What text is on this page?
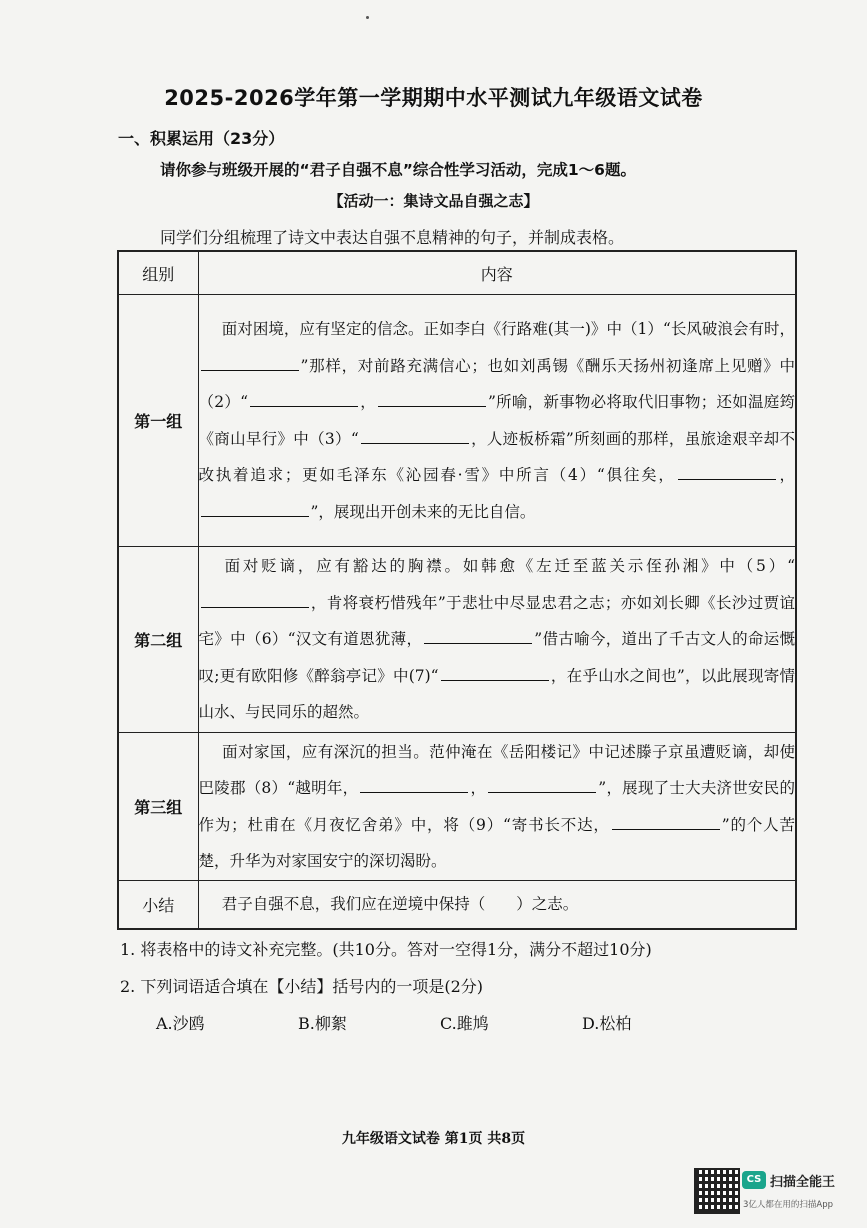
2025-2026学年第一学期期中水平测试九年级语文试卷
一、积累运用（23分）
请你参与班级开展的“君子自强不息”综合性学习活动，完成1～6题。
【活动一：集诗文品自强之志】
同学们分组梳理了诗文中表达自强不息精神的句子，并制成表格。
组别	内容
第一组	  面对困境，应有坚定的信念。正如李白《行路难(其一)》中（1）“长风破浪会有时，”那样，对前路充满信心；也如刘禹锡《酬乐天扬州初逢席上见赠》中（2）“ ， ”所喻，新事物必将取代旧事物；还如温庭筠《商山早行》中（3）“ ，人迹板桥霜”所刻画的那样，虽旅途艰辛却不改执着追求；更如毛泽东《沁园春·雪》中所言（4）“俱往矣， ，”，展现出开创未来的无比自信。
第二组	  面对贬谪，应有豁达的胸襟。如韩愈《左迁至蓝关示侄孙湘》中（5）“，肯将衰朽惜残年”于悲壮中尽显忠君之志；亦如刘长卿《长沙过贾谊宅》中（6）“汉文有道恩犹薄， ”借古喻今，道出了千古文人的命运慨叹;更有欧阳修《醉翁亭记》中(7)“ ，在乎山水之间也”，以此展现寄情山水、与民同乐的超然。
第三组	  面对家国，应有深沉的担当。范仲淹在《岳阳楼记》中记述滕子京虽遭贬谪，却使巴陵郡（8）“越明年， ， ”，展现了士大夫济世安民的作为；杜甫在《月夜忆舍弟》中，将（9）“寄书长不达， ”的个人苦楚，升华为对家国安宁的深切渴盼。
小结	  君子自强不息，我们应在逆境中保持（　　）之志。
1. 将表格中的诗文补充完整。(共10分。答对一空得1分，满分不超过10分)
2. 下列词语适合填在【小结】括号内的一项是(2分)
A.沙鸥	B.柳絮	C.雎鸠	D.松柏
九年级语文试卷 第1页 共8页
CS 扫描全能王
3亿人都在用的扫描App
